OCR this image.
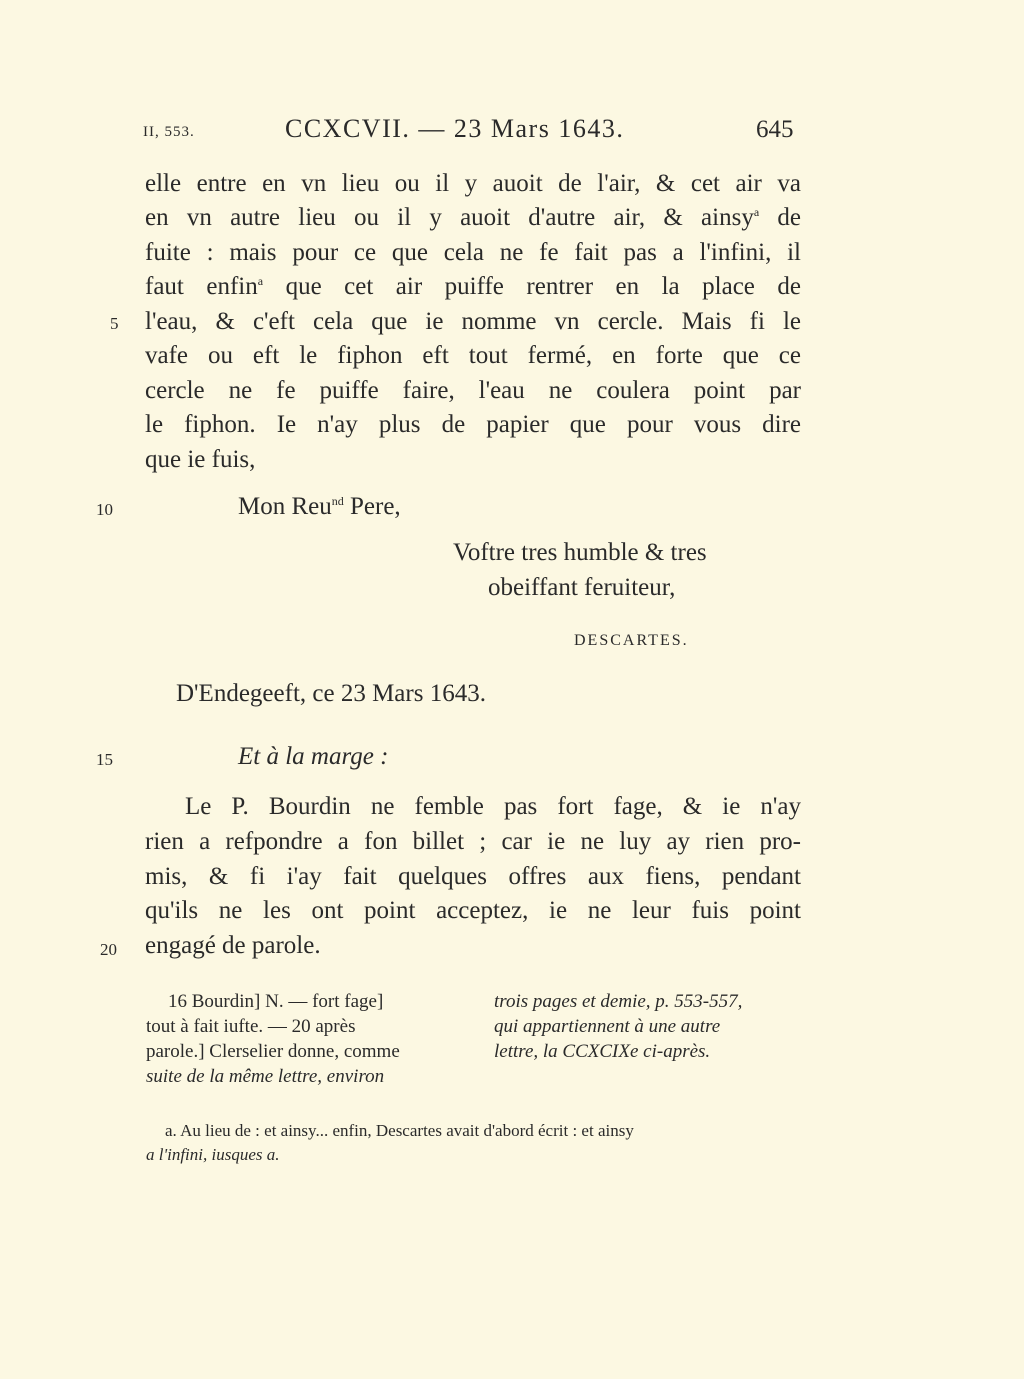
II, 553.	CCXCVII. — 23 Mars 1643.	645
elle entre en vn lieu ou il y auoit de l'air, & cet air va
en vn autre lieu ou il y auoit d'autre air, & ainsy$^a$ de
fuite : mais pour ce que cela ne fe fait pas a l'infini, il
faut enfin$^a$ que cet air puiffe rentrer en la place de
l'eau, & c'eft cela que ie nomme vn cercle. Mais fi le
vafe ou eft le fiphon eft tout fermé, en forte que ce
cercle ne fe puiffe faire, l'eau ne coulera point par
le fiphon. Ie n'ay plus de papier que pour vous dire
que ie fuis,
5
10
15
20
Mon Reu$^{nd}$ Pere,
Voftre tres humble & tres
obeiffant feruiteur,
DESCARTES.
D'Endegeeft, ce 23 Mars 1643.
Et à la marge :
Le P. Bourdin ne femble pas fort fage, & ie n'ay
rien a refpondre a fon billet ; car ie ne luy ay rien pro-
mis, & fi i'ay fait quelques offres aux fiens, pendant
qu'ils ne les ont point acceptez, ie ne leur fuis point
engagé de parole.
16 Bourdin] N. — fort fage]
tout à fait iufte. — 20 après
parole.] Clerselier donne, comme
suite de la même lettre, environ
trois pages et demie, p. 553-557,
qui appartiennent à une autre
lettre, la CCXCIXe ci-après.
a. Au lieu de : et ainsy... enfin, Descartes avait d'abord écrit : et ainsy
a l'infini, iusques a.
